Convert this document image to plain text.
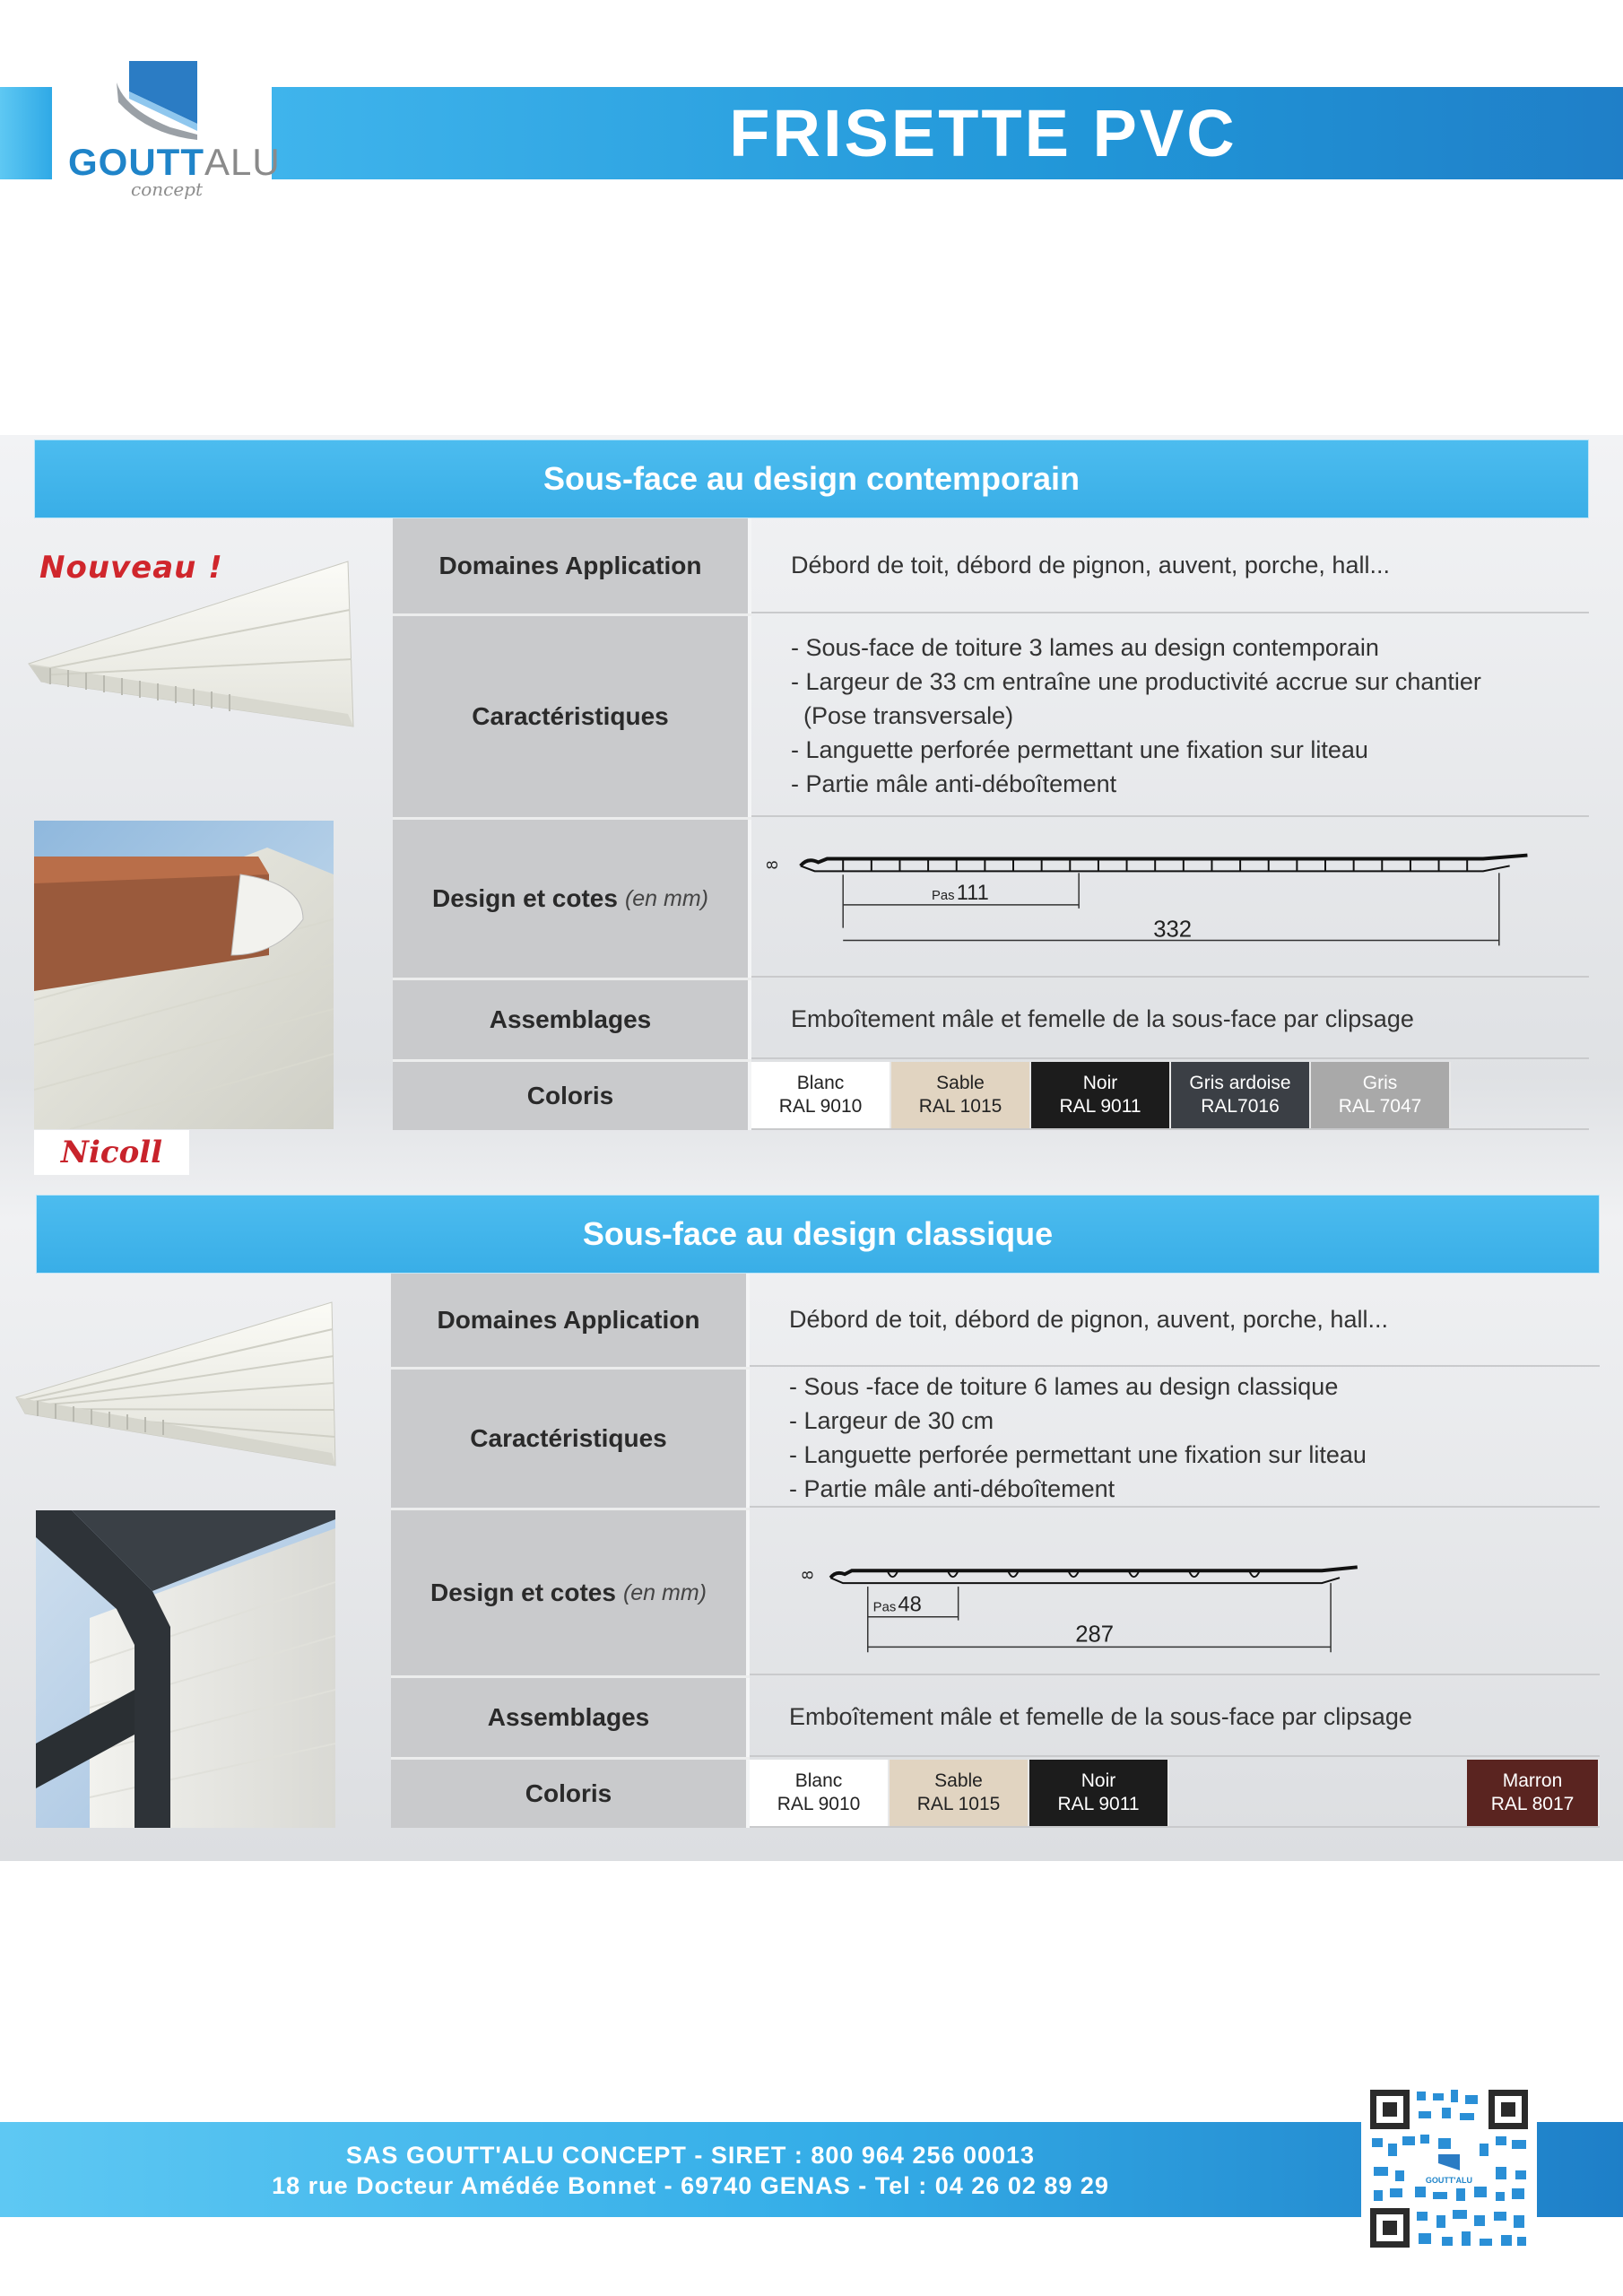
FRISETTE PVC
GOUTTALU
concept
Sous-face au design contemporain
Nouveau !
Nicoll
Domaines Application	Débord de toit, débord de pignon, auvent, porche, hall...
Caractéristiques
- Sous-face de toiture 3 lames au design contemporain
- Largeur de 33 cm entraîne une productivité accrue sur chantier
(Pose transversale)
- Languette perforée permettant une fixation sur liteau
- Partie mâle anti-déboîtement
Design et cotes (en mm)
8
Pas 111
332
Assemblages	Emboîtement mâle et femelle de la sous-face par clipsage
Coloris	Blanc
RAL 9010
Sable
RAL 1015
Noir
RAL 9011
Gris ardoise
RAL7016
Gris
RAL 7047
Sous-face au design classique
Domaines Application	Débord de toit, débord de pignon, auvent, porche, hall...
Caractéristiques
- Sous -face de toiture 6 lames au design classique
- Largeur de 30 cm
- Languette perforée permettant une fixation sur liteau
- Partie mâle anti-déboîtement
Design et cotes (en mm)
8
Pas 48
287
Assemblages	Emboîtement mâle et femelle de la sous-face par clipsage
Coloris	Blanc
RAL 9010
Sable
RAL 1015
Noir
RAL 9011
Marron
RAL 8017
SAS GOUTT'ALU CONCEPT - SIRET : 800 964 256 00013
18 rue Docteur Amédée Bonnet - 69740 GENAS - Tel : 04 26 02 89 29	GOUTT'ALU
